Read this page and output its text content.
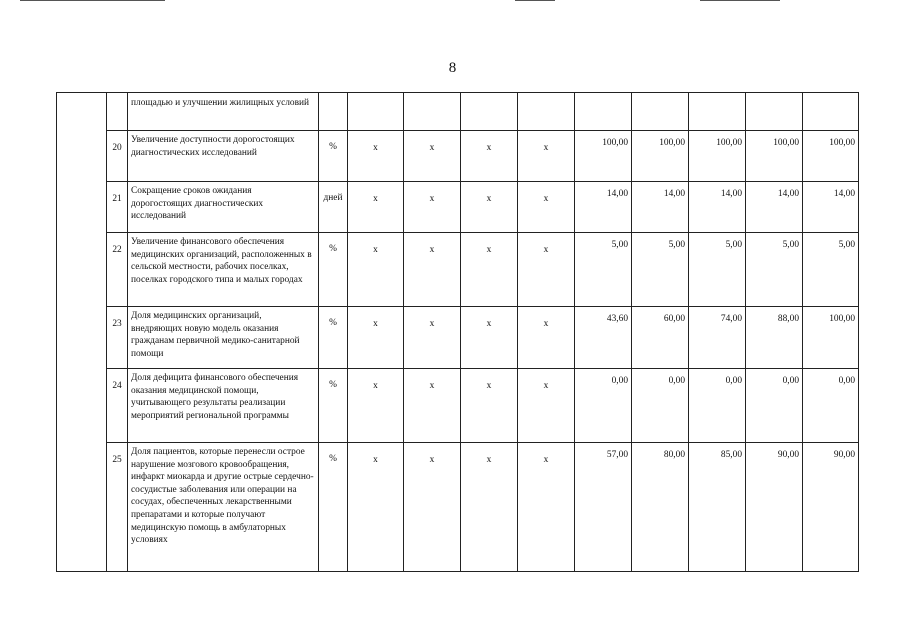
8
		площадью и улучшении жилищных условий										
	20	Увеличение доступности дорогостоящих диагностических исследований	%	х	х	х	х	100,00	100,00	100,00	100,00	100,00
	21	Сокращение сроков ожидания дорогостоящих диагностических исследований	дней	х	х	х	х	14,00	14,00	14,00	14,00	14,00
	22	Увеличение финансового обеспечения медицинских организаций, расположенных в сельской местности, рабочих поселках, поселках городского типа и малых городах	%	х	х	х	х	5,00	5,00	5,00	5,00	5,00
	23	Доля медицинских организаций, внедряющих новую модель оказания гражданам первичной медико-санитарной помощи	%	х	х	х	х	43,60	60,00	74,00	88,00	100,00
	24	Доля дефицита финансового обеспечения оказания медицинской помощи, учитывающего результаты реализации мероприятий региональной программы	%	х	х	х	х	0,00	0,00	0,00	0,00	0,00
	25	Доля пациентов, которые перенесли острое нарушение мозгового кровообращения, инфаркт миокарда и другие острые сердечно-сосудистые заболевания или операции на сосудах, обеспеченных лекарственными препаратами и которые получают медицинскую помощь в амбулаторных условиях	%	х	х	х	х	57,00	80,00	85,00	90,00	90,00
